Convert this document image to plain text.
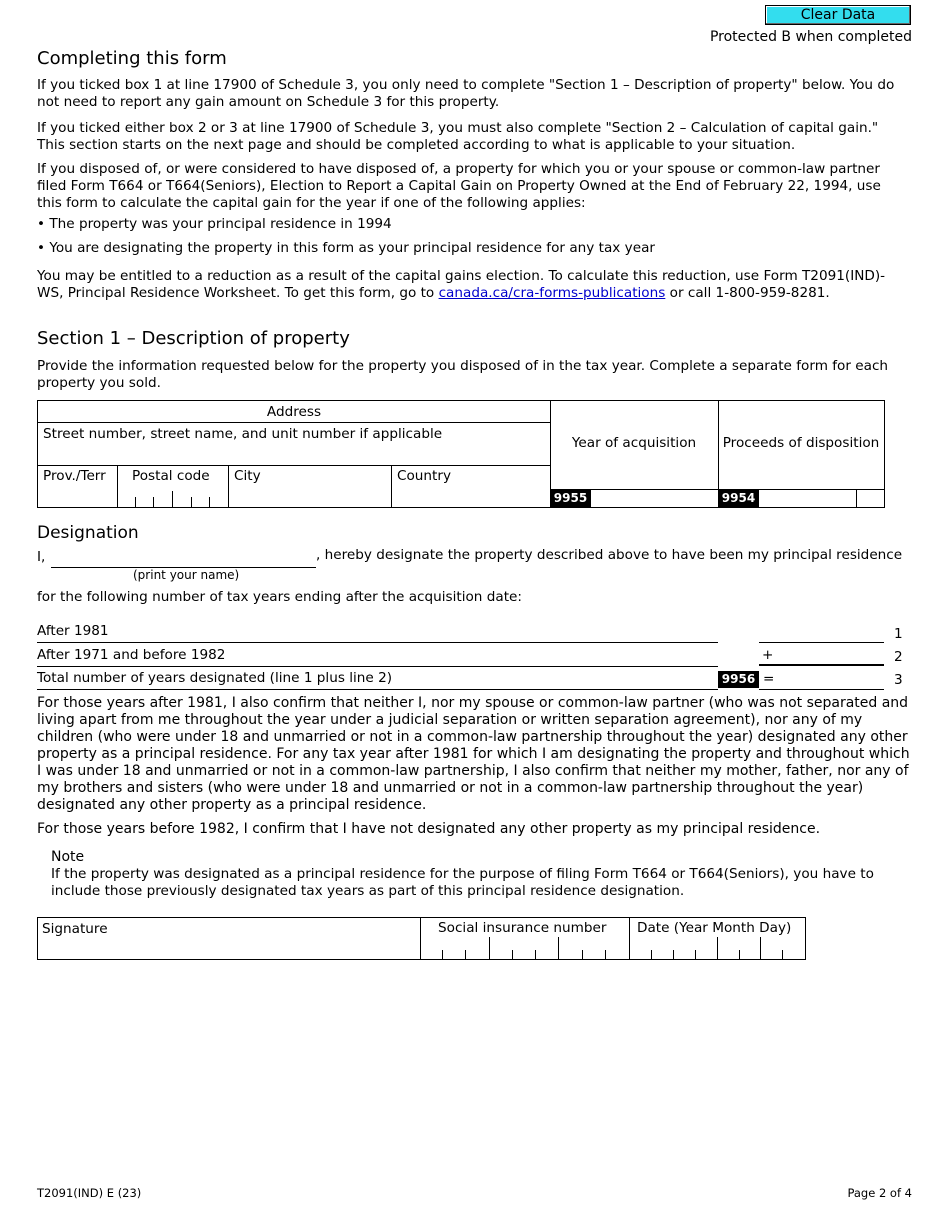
Clear Data
Protected B when completed
Completing this form

If you ticked box 1 at line 17900 of Schedule 3, you only need to complete "Section 1 – Description of property" below. You do not need to report any gain amount on Schedule 3 for this property.

If you ticked either box 2 or 3 at line 17900 of Schedule 3, you must also complete "Section 2 – Calculation of capital gain." This section starts on the next page and should be completed according to what is applicable to your situation.

If you disposed of, or were considered to have disposed of, a property for which you or your spouse or common-law partner filed Form T664 or T664(Seniors), Election to Report a Capital Gain on Property Owned at the End of February 22, 1994, use this form to calculate the capital gain for the year if one of the following applies:

• The property was your principal residence in 1994
• You are designating the property in this form as your principal residence for any tax year

You may be entitled to a reduction as a result of the capital gains election. To calculate this reduction, use Form T2091(IND)-WS, Principal Residence Worksheet. To get this form, go to canada.ca/cra-forms-publications or call 1-800-959-8281.

Section 1 – Description of property

Provide the information requested below for the property you disposed of in the tax year. Complete a separate form for each property you sold.

Address
Street number, street name, and unit number if applicable
Prov./Terr Postal code City	Country
Year of acquisition	Proceeds of disposition
9955	9954
Designation
I,	, hereby designate the property described above to have been my principal residence
(print your name)
for the following number of tax years ending after the acquisition date:
After 1981	1
After 1971 and before 1982	+	2
Total number of years designated (line 1 plus line 2)	9956 =	3

For those years after 1981, I also confirm that neither I, nor my spouse or common-law partner (who was not separated and living apart from me throughout the year under a judicial separation or written separation agreement), nor any of my children (who were under 18 and unmarried or not in a common-law partnership throughout the year) designated any other property as a principal residence. For any tax year after 1981 for which I am designating the property and throughout which I was under 18 and unmarried or not in a common-law partnership, I also confirm that neither my mother, father, nor any of my brothers and sisters (who were under 18 and unmarried or not in a common-law partnership throughout the year) designated any other property as a principal residence.

For those years before 1982, I confirm that I have not designated any other property as my principal residence.

Note

If the property was designated as a principal residence for the purpose of filing Form T664 or T664(Seniors), you have to include those previously designated tax years as part of this principal residence designation.

Signature	Social insurance number Date (Year Month Day)
T2091(IND) E (23)	Page 2 of 4
